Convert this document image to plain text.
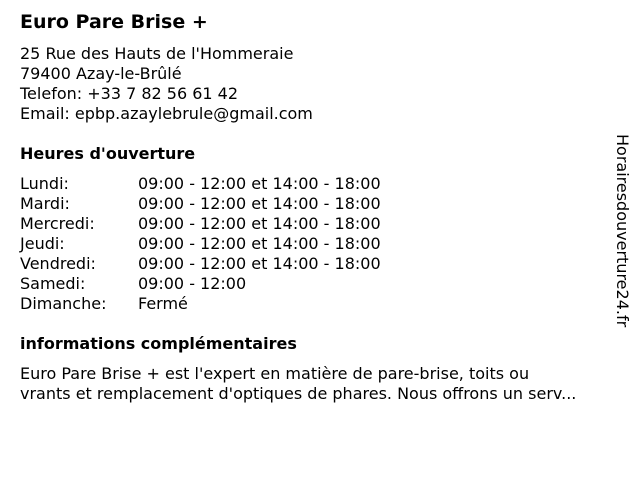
Euro Pare Brise +
25 Rue des Hauts de l'Hommeraie
79400 Azay-le-Brûlé
Telefon: +33 7 82 56 61 42
Email: epbp.azaylebrule@gmail.com
Heures d'ouverture
Lundi:	09:00 - 12:00 et 14:00 - 18:00
Mardi:	09:00 - 12:00 et 14:00 - 18:00
Mercredi:	09:00 - 12:00 et 14:00 - 18:00
Jeudi:	09:00 - 12:00 et 14:00 - 18:00
Vendredi:	09:00 - 12:00 et 14:00 - 18:00
Samedi:	09:00 - 12:00
Dimanche:	Fermé
informations complémentaires
Euro Pare Brise + est l'expert en matière de pare-brise, toits ou
vrants et remplacement d'optiques de phares. Nous offrons un serv...
Horairesdouverture24.fr
